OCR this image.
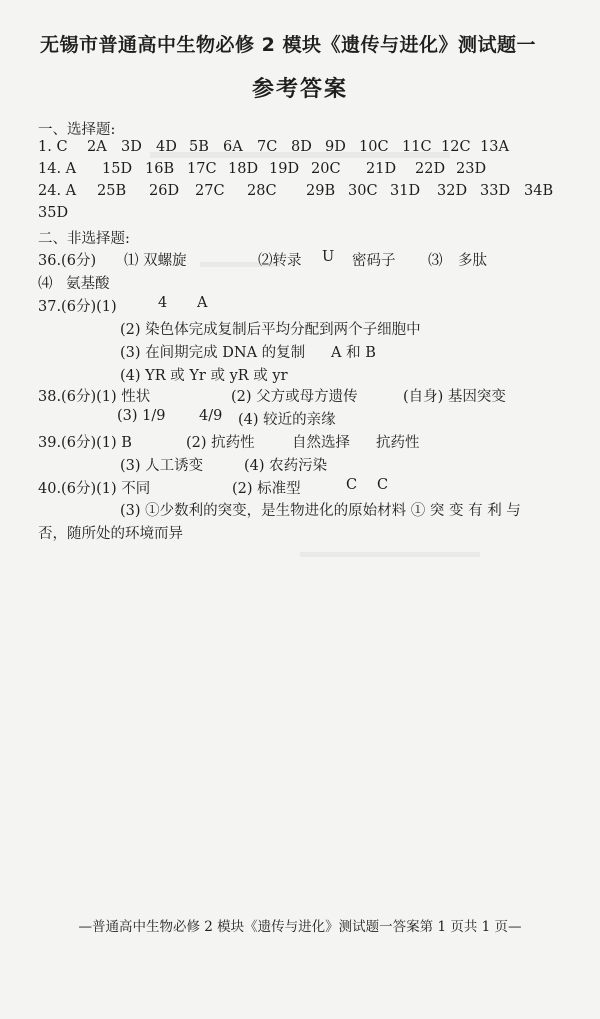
无锡市普通高中生物必修 2 模块《遗传与进化》测试题一
参考答案
一、选择题:
1. C 2A 3D 4D 5B 6A 7C 8D 9D 10C 11C 12C 13A
14. A 15D 16B 17C 18D 19D 20C 21D 22D 23D
24. A 25B 26D 27C 28C 29B 30C 31D 32D 33D 34B
35D
二、非选择题:
36.(6分) ⑴ 双螺旋	⑵转录 U 密码子 ⑶ 多肽
⑷ 氨基酸
37.(6分)(1)	4 A
(2) 染色体完成复制后平均分配到两个子细胞中
(3) 在间期完成 DNA 的复制 A 和 B
(4) YR 或 Yr 或 yR 或 yr
38.(6分)(1) 性状	(2) 父方或母方遗传	(自身) 基因突变
(3) 1/9 4/9 (4) 较近的亲缘
39.(6分)(1) B	(2) 抗药性	自然选择 抗药性
(3) 人工诱变	(4) 农药污染
40.(6分)(1) 不同	(2) 标准型	C C
(3) ①少数利的突变，是生物进化的原始材料 ① 突 变 有 利 与
否，随所处的环境而异
—普通高中生物必修 2 模块《遗传与进化》测试题一答案第 1 页共 1 页—
